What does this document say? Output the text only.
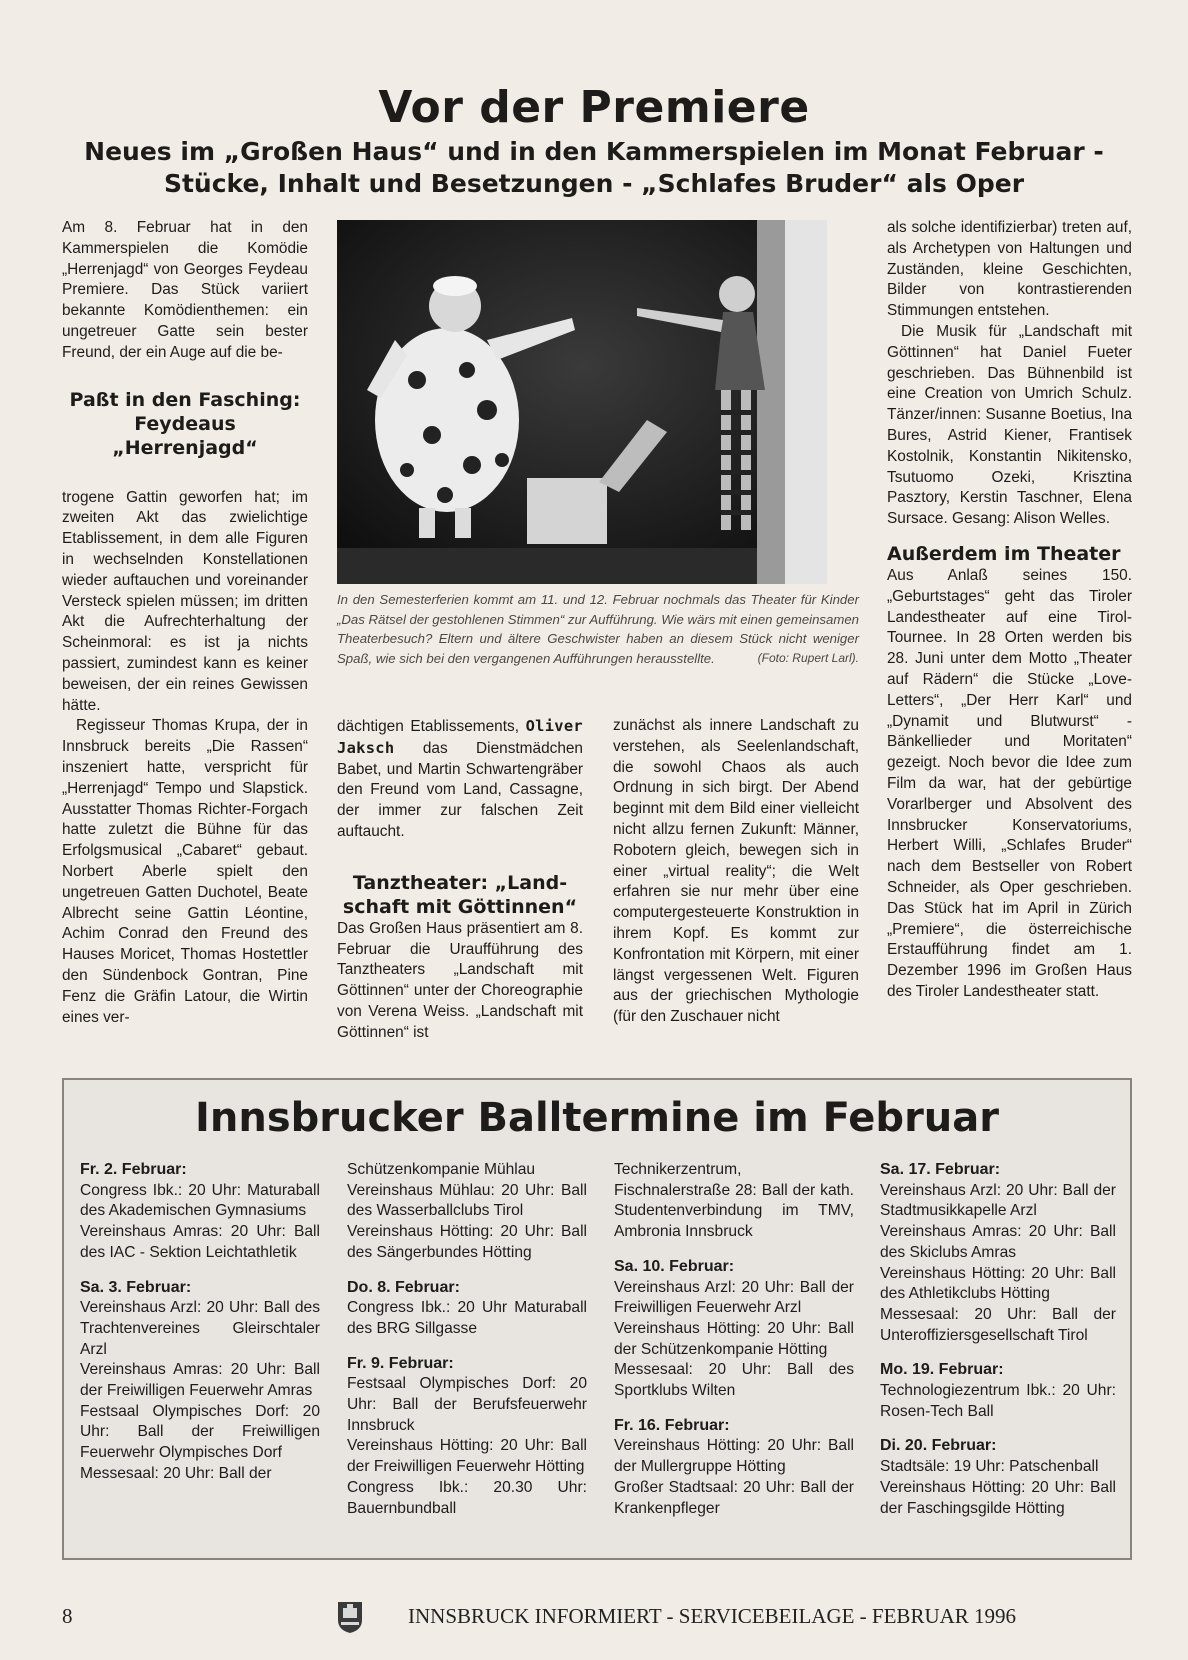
Vor der Premiere
Neues im „Großen Haus“ und in den Kammerspielen im Monat Februar -
Stücke, Inhalt und Besetzungen - „Schlafes Bruder“ als Oper

Am 8. Februar hat in den Kammerspielen die Komödie „Herrenjagd“ von Georges Feydeau Premiere. Das Stück variiert bekannte Komödienthemen: ein ungetreuer Gatte sein bester Freund, der ein Auge auf die be-

Paßt in den Fasching:
Feydeaus
„Herrenjagd“

trogene Gattin geworfen hat; im zweiten Akt das zwielichtige Etablissement, in dem alle Figuren in wechselnden Konstellationen wieder auftauchen und voreinander Versteck spielen müssen; im dritten Akt die Aufrechterhaltung der Scheinmoral: es ist ja nichts passiert, zumindest kann es keiner beweisen, der ein reines Gewissen hätte.

Regisseur Thomas Krupa, der in Innsbruck bereits „Die Rassen“ inszeniert hatte, verspricht für „Herrenjagd“ Tempo und Slapstick. Ausstatter Thomas Richter-Forgach hatte zuletzt die Bühne für das Erfolgsmusical „Cabaret“ gebaut. Norbert Aberle spielt den ungetreuen Gatten Duchotel, Beate Albrecht seine Gattin Léontine, Achim Conrad den Freund des Hauses Moricet, Thomas Hostettler den Sündenbock Gontran, Pine Fenz die Gräfin Latour, die Wirtin eines ver-

In den Semesterferien kommt am 11. und 12. Februar nochmals das Theater für Kinder „Das Rätsel der gestohlenen Stimmen“ zur Aufführung. Wie wärs mit einen gemeinsamen Theaterbesuch? Eltern und ältere Geschwister haben an diesem Stück nicht weniger Spaß, wie sich bei den vergangenen Aufführungen herausstellte.	(Foto: Rupert Larl).

dächtigen Etablissements, Oliver Jaksch das Dienstmädchen Babet, und Martin Schwartengräber den Freund vom Land, Cassagne, der immer zur falschen Zeit auftaucht.

Tanztheater: „Land-
schaft mit Göttinnen“

Das Großen Haus präsentiert am 8. Februar die Uraufführung des Tanztheaters „Landschaft mit Göttinnen“ unter der Choreographie von Verena Weiss. „Landschaft mit Göttinnen“ ist

zunächst als innere Landschaft zu verstehen, als Seelenlandschaft, die sowohl Chaos als auch Ordnung in sich birgt. Der Abend beginnt mit dem Bild einer vielleicht nicht allzu fernen Zukunft: Männer, Robotern gleich, bewegen sich in einer „virtual reality“; die Welt erfahren sie nur mehr über eine computergesteuerte Konstruktion in ihrem Kopf. Es kommt zur Konfrontation mit Körpern, mit einer längst vergessenen Welt. Figuren aus der griechischen Mythologie (für den Zuschauer nicht

als solche identifizierbar) treten auf, als Archetypen von Haltungen und Zuständen, kleine Geschichten, Bilder von kontrastierenden Stimmungen entstehen.

Die Musik für „Landschaft mit Göttinnen“ hat Daniel Fueter geschrieben. Das Bühnenbild ist eine Creation von Umrich Schulz. Tänzer/innen: Susanne Boetius, Ina Bures, Astrid Kiener, Frantisek Kostolnik, Konstantin Nikitensko, Tsutuomo Ozeki, Krisztina Pasztory, Kerstin Taschner, Elena Sursace. Gesang: Alison Welles.

Außerdem im Theater

Aus Anlaß seines 150. „Geburtstages“ geht das Tiroler Landestheater auf eine Tirol-Tournee. In 28 Orten werden bis 28. Juni unter dem Motto „Theater auf Rädern“ die Stücke „Love-Letters“, „Der Herr Karl“ und „Dynamit und Blutwurst“ - Bänkellieder und Moritaten“ gezeigt. Noch bevor die Idee zum Film da war, hat der gebürtige Vorarlberger und Absolvent des Innsbrucker Konservatoriums, Herbert Willi, „Schlafes Bruder“ nach dem Bestseller von Robert Schneider, als Oper geschrieben. Das Stück hat im April in Zürich „Premiere“, die österreichische Erstaufführung findet am 1. Dezember 1996 im Großen Haus des Tiroler Landestheater statt.

Innsbrucker Balltermine im Februar

Fr. 2. Februar:

Congress Ibk.: 20 Uhr: Maturaball des Akademischen Gymnasiums

Vereinshaus Amras: 20 Uhr: Ball des IAC - Sektion Leichtathletik

Sa. 3. Februar:

Vereinshaus Arzl: 20 Uhr: Ball des Trachtenvereines Gleirschtaler Arzl

Vereinshaus Amras: 20 Uhr: Ball der Freiwilligen Feuerwehr Amras

Festsaal Olympisches Dorf: 20 Uhr: Ball der Freiwilligen Feuerwehr Olympisches Dorf

Messesaal: 20 Uhr: Ball der

Schützenkompanie Mühlau

Vereinshaus Mühlau: 20 Uhr: Ball des Wasserballclubs Tirol

Vereinshaus Hötting: 20 Uhr: Ball des Sängerbundes Hötting

Do. 8. Februar:

Congress Ibk.: 20 Uhr Maturaball des BRG Sillgasse

Fr. 9. Februar:

Festsaal Olympisches Dorf: 20 Uhr: Ball der Berufsfeuerwehr Innsbruck

Vereinshaus Hötting: 20 Uhr: Ball der Freiwilligen Feuerwehr Hötting

Congress Ibk.: 20.30 Uhr: Bauernbundball

Technikerzentrum, Fischnalerstraße 28: Ball der kath. Studentenverbindung im TMV, Ambronia Innsbruck

Sa. 10. Februar:

Vereinshaus Arzl: 20 Uhr: Ball der Freiwilligen Feuerwehr Arzl

Vereinshaus Hötting: 20 Uhr: Ball der Schützenkompanie Hötting

Messesaal: 20 Uhr: Ball des Sportklubs Wilten

Fr. 16. Februar:

Vereinshaus Hötting: 20 Uhr: Ball der Mullergruppe Hötting

Großer Stadtsaal: 20 Uhr: Ball der Krankenpfleger

Sa. 17. Februar:

Vereinshaus Arzl: 20 Uhr: Ball der Stadtmusikkapelle Arzl

Vereinshaus Amras: 20 Uhr: Ball des Skiclubs Amras

Vereinshaus Hötting: 20 Uhr: Ball des Athletikclubs Hötting

Messesaal: 20 Uhr: Ball der Unteroffiziersgesellschaft Tirol

Mo. 19. Februar:

Technologiezentrum Ibk.: 20 Uhr: Rosen-Tech Ball

Di. 20. Februar:

Stadtsäle: 19 Uhr: Patschenball

Vereinshaus Hötting: 20 Uhr: Ball der Faschingsgilde Hötting

8	INNSBRUCK INFORMIERT - SERVICEBEILAGE - FEBRUAR 1996
